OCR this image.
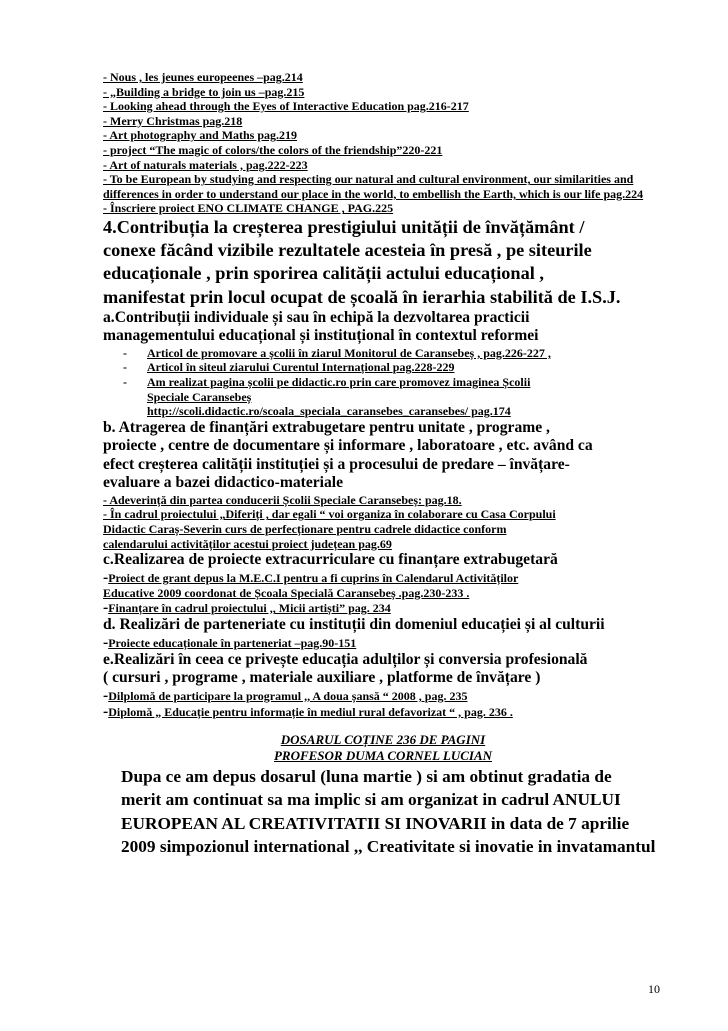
- Nous , les jeunes europeenes –pag.214
- „Building a bridge to join us –pag.215
- Looking ahead through the Eyes of Interactive Education pag.216-217
- Merry Christmas pag.218
- Art photography and Maths pag.219
- project “The magic of colors/the colors of the friendship”220-221
- Art of naturals materials , pag.222-223
- To be European by studying and respecting our natural and cultural environment, our similarities and differences in order to understand our place in the world, to embellish the Earth, which is our life pag.224
- Înscriere proiect ENO CLIMATE CHANGE , PAG.225
4.Contribuția la creșterea prestigiului unității de învățământ /
conexe făcând vizibile rezultatele acesteia în presă , pe siteurile
educaționale , prin sporirea calității actului educațional ,
manifestat prin locul ocupat de școală în ierarhia stabilită de I.S.J.
a.Contribuții individuale și sau în echipă la dezvoltarea practicii
managementului educațional și instituțional în contextul reformei
- Articol de promovare a școlii în ziarul Monitorul de Caransebeș , pag.226-227 ,
- Articol în siteul ziarului Curentul Internațional pag.228-229
- Am realizat pagina școlii pe didactic.ro prin care promovez imaginea Școlii
Speciale Caransebeș
http://scoli.didactic.ro/scoala_speciala_caransebes_caransebes/ pag.174
b. Atragerea de finanțări extrabugetare pentru unitate , programe ,
proiecte , centre de documentare și informare , laboratoare , etc. având ca
efect creșterea calității instituției și a procesului de predare – învățare-
evaluare a bazei didactico-materiale
- Adeverință din partea conducerii Școlii Speciale Caransebeș: pag.18.
- În cadrul proiectului „Diferiți , dar egali “ voi organiza în colaborare cu Casa Corpului
Didactic Caraș-Severin curs de perfecționare pentru cadrele didactice conform
calendarului activităților acestui proiect județean pag.69
c.Realizarea de proiecte extracurriculare cu finanțare extrabugetară
-Proiect de grant depus la M.E.C.I pentru a fi cuprins în Calendarul Activităților
Educative 2009 coordonat de Școala Specială Caransebeș .pag.230-233 .
-Finanțare în cadrul proiectului ,, Micii artiști” pag. 234
d. Realizări de parteneriate cu instituții din domeniul educației și al culturii
-Proiecte educaționale în parteneriat –pag.90-151
e.Realizări în ceea ce privește educația adulților și conversia profesională
( cursuri , programe , materiale auxiliare , platforme de învățare )
-Dilplomă de participare la programul ,, A doua șansă “ 2008 , pag. 235
-Diplomă „ Educație pentru informație în mediul rural defavorizat “ , pag. 236 .
DOSARUL COȚINE 236 DE PAGINI
PROFESOR DUMA CORNEL LUCIAN
Dupa ce am depus dosarul (luna martie ) si am obtinut gradatia de
merit am continuat sa ma implic si am organizat in cadrul ANULUI
EUROPEAN AL CREATIVITATII SI INOVARII in data de 7 aprilie
2009 simpozionul international ,, Creativitate si inovatie in invatamantul
10
